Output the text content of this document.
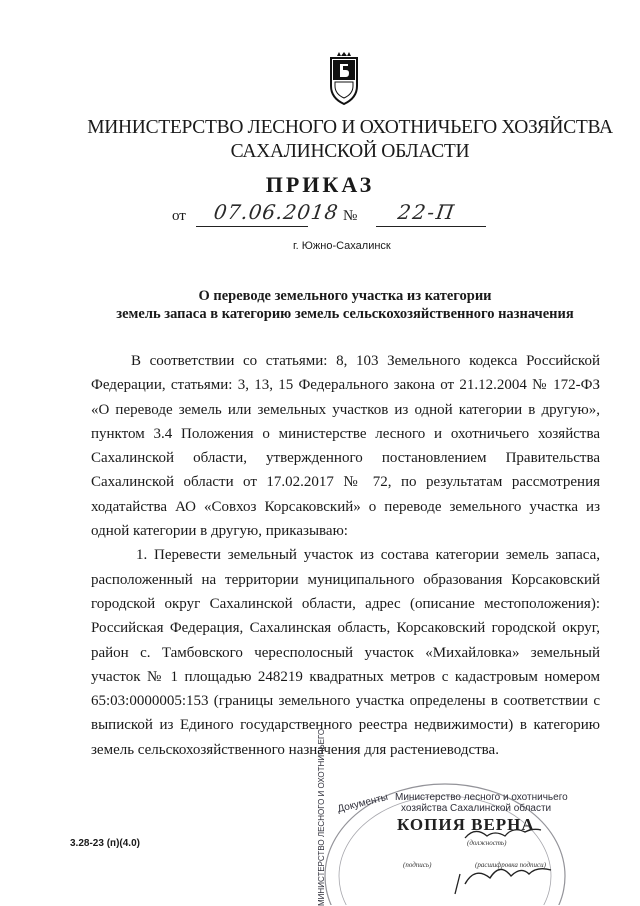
МИНИСТЕРСТВО ЛЕСНОГО И ОХОТНИЧЬЕГО ХОЗЯЙСТВА
САХАЛИНСКОЙ ОБЛАСТИ
ПРИКАЗ
от 07.06.2018 № 22-П
г. Южно-Сахалинск
О переводе земельного участка из категории
земель запаса в категорию земель сельскохозяйственного назначения
В соответствии со статьями: 8, 103 Земельного кодекса Российской
Федерации, статьями: 3, 13, 15 Федерального закона от 21.12.2004 № 172-ФЗ
«О переводе земель или земельных участков из одной категории в другую»,
пунктом 3.4 Положения о министерстве лесного и охотничьего хозяйства
Сахалинской области, утвержденного постановлением Правительства
Сахалинской области от 17.02.2017 № 72, по результатам рассмотрения
ходатайства АО «Совхоз Корсаковский» о переводе земельного участка из
одной категории в другую, приказываю:
1. Перевести земельный участок из состава категории земель запаса,
расположенный на территории муниципального образования Корсаковский
городской округ Сахалинской области, адрес (описание местоположения):
Российская Федерация, Сахалинская область, Корсаковский городской округ,
район с. Тамбовского чересполосный участок «Михайловка» земельный
участок № 1 площадью 248219 квадратных метров с кадастровым номером
65:03:0000005:153 (границы земельного участка определены в соответствии с
выпиской из Единого государственного реестра недвижимости) в категорию
земель сельскохозяйственного назначения для растениеводства.
3.28-23 (п)(4.0)	МИНИСТЕРСТВО ЛЕСНОГО И ОХОТНИЧЬЕГО	Документы Министерство лесного и охотничьего
хозяйства Сахалинской области
КОПИЯ ВЕРНА
(должность)
(подпись)	(расшифровка подписи)
